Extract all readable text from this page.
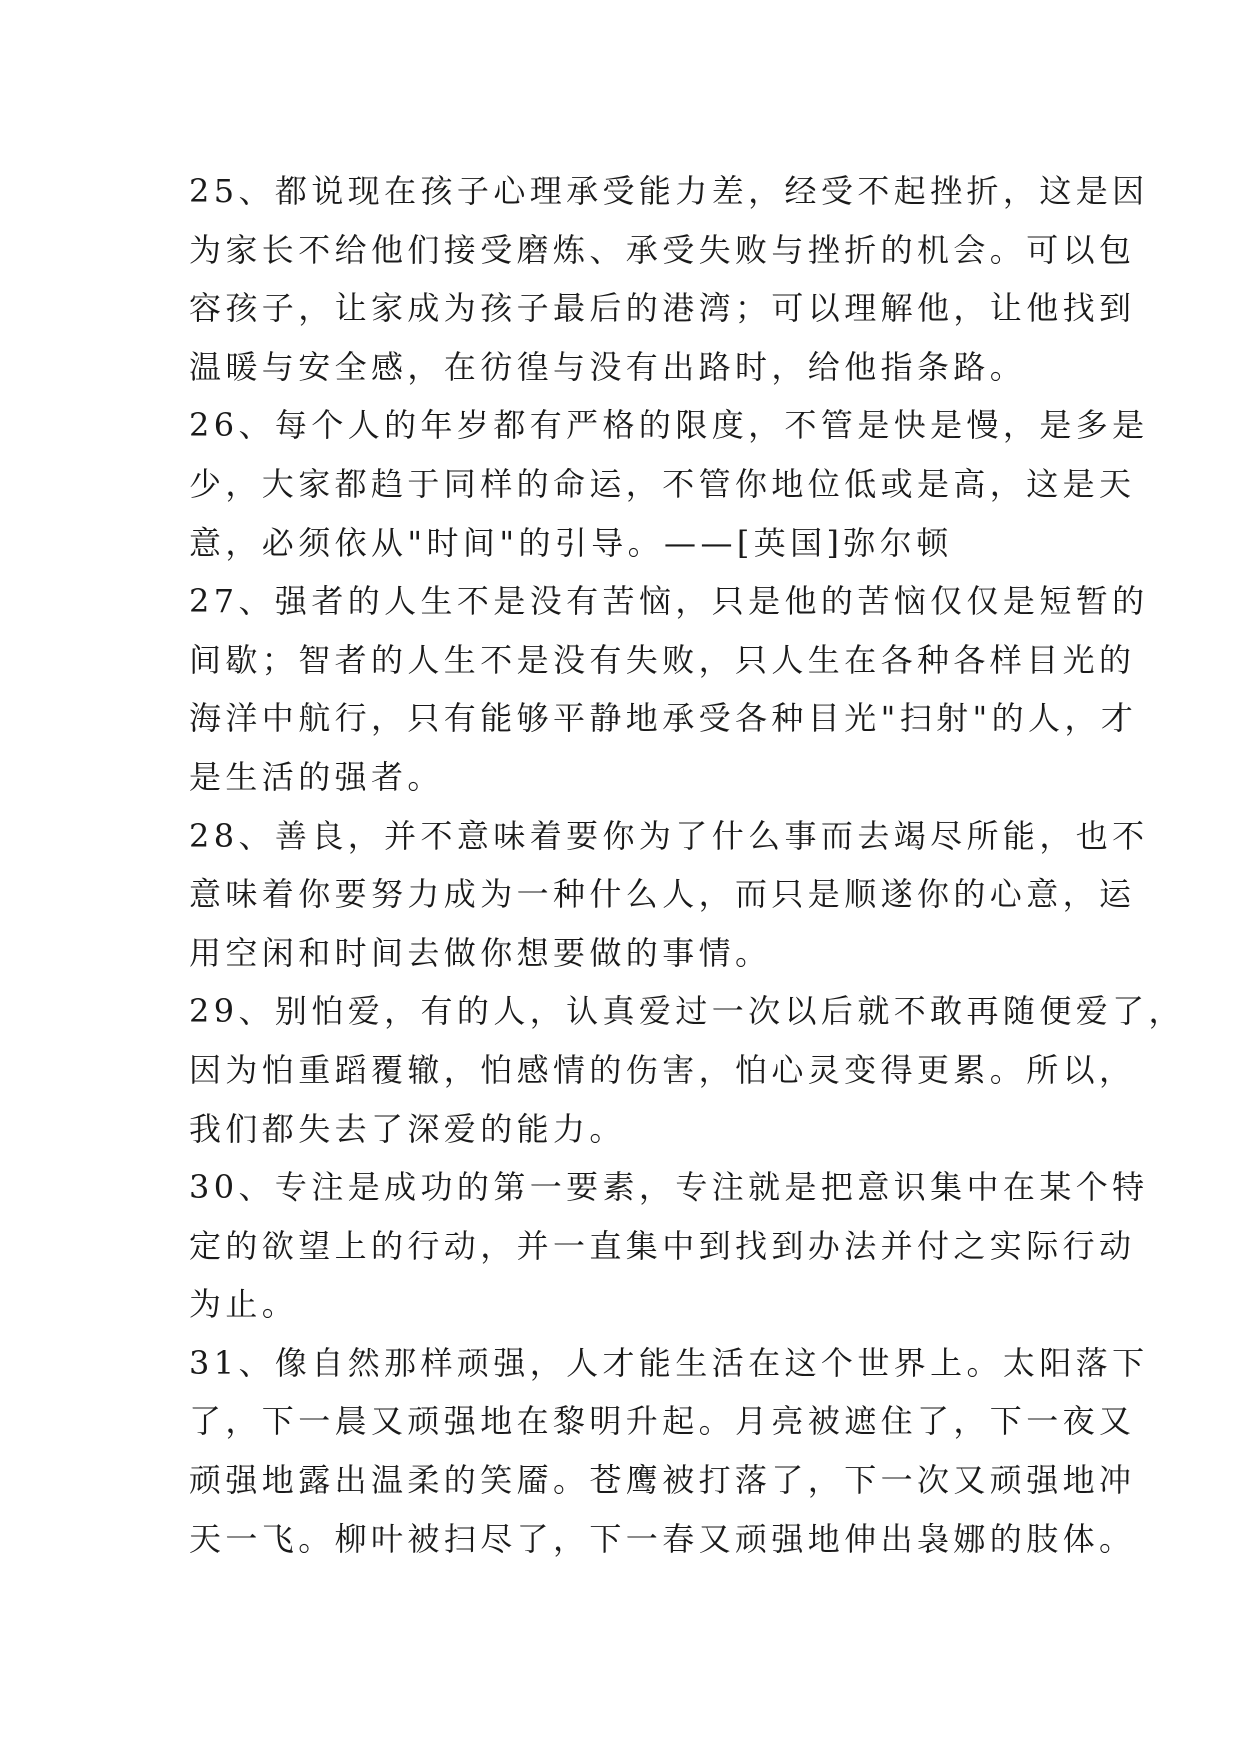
25、都说现在孩子心理承受能力差，经受不起挫折，这是因
为家长不给他们接受磨炼、承受失败与挫折的机会。可以包
容孩子，让家成为孩子最后的港湾；可以理解他，让他找到
温暖与安全感，在彷徨与没有出路时，给他指条路。
26、每个人的年岁都有严格的限度，不管是快是慢，是多是
少，大家都趋于同样的命运，不管你地位低或是高，这是天
意，必须依从"时间"的引导。——[英国]弥尔顿
27、强者的人生不是没有苦恼，只是他的苦恼仅仅是短暂的
间歇；智者的人生不是没有失败，只人生在各种各样目光的
海洋中航行，只有能够平静地承受各种目光"扫射"的人，才
是生活的强者。
28、善良，并不意味着要你为了什么事而去竭尽所能，也不
意味着你要努力成为一种什么人，而只是顺遂你的心意，运
用空闲和时间去做你想要做的事情。
29、别怕爱，有的人，认真爱过一次以后就不敢再随便爱了，
因为怕重蹈覆辙，怕感情的伤害，怕心灵变得更累。所以，
我们都失去了深爱的能力。
30、专注是成功的第一要素，专注就是把意识集中在某个特
定的欲望上的行动，并一直集中到找到办法并付之实际行动
为止。
31、像自然那样顽强，人才能生活在这个世界上。太阳落下
了，下一晨又顽强地在黎明升起。月亮被遮住了，下一夜又
顽强地露出温柔的笑靥。苍鹰被打落了，下一次又顽强地冲
天一飞。柳叶被扫尽了，下一春又顽强地伸出袅娜的肢体。
